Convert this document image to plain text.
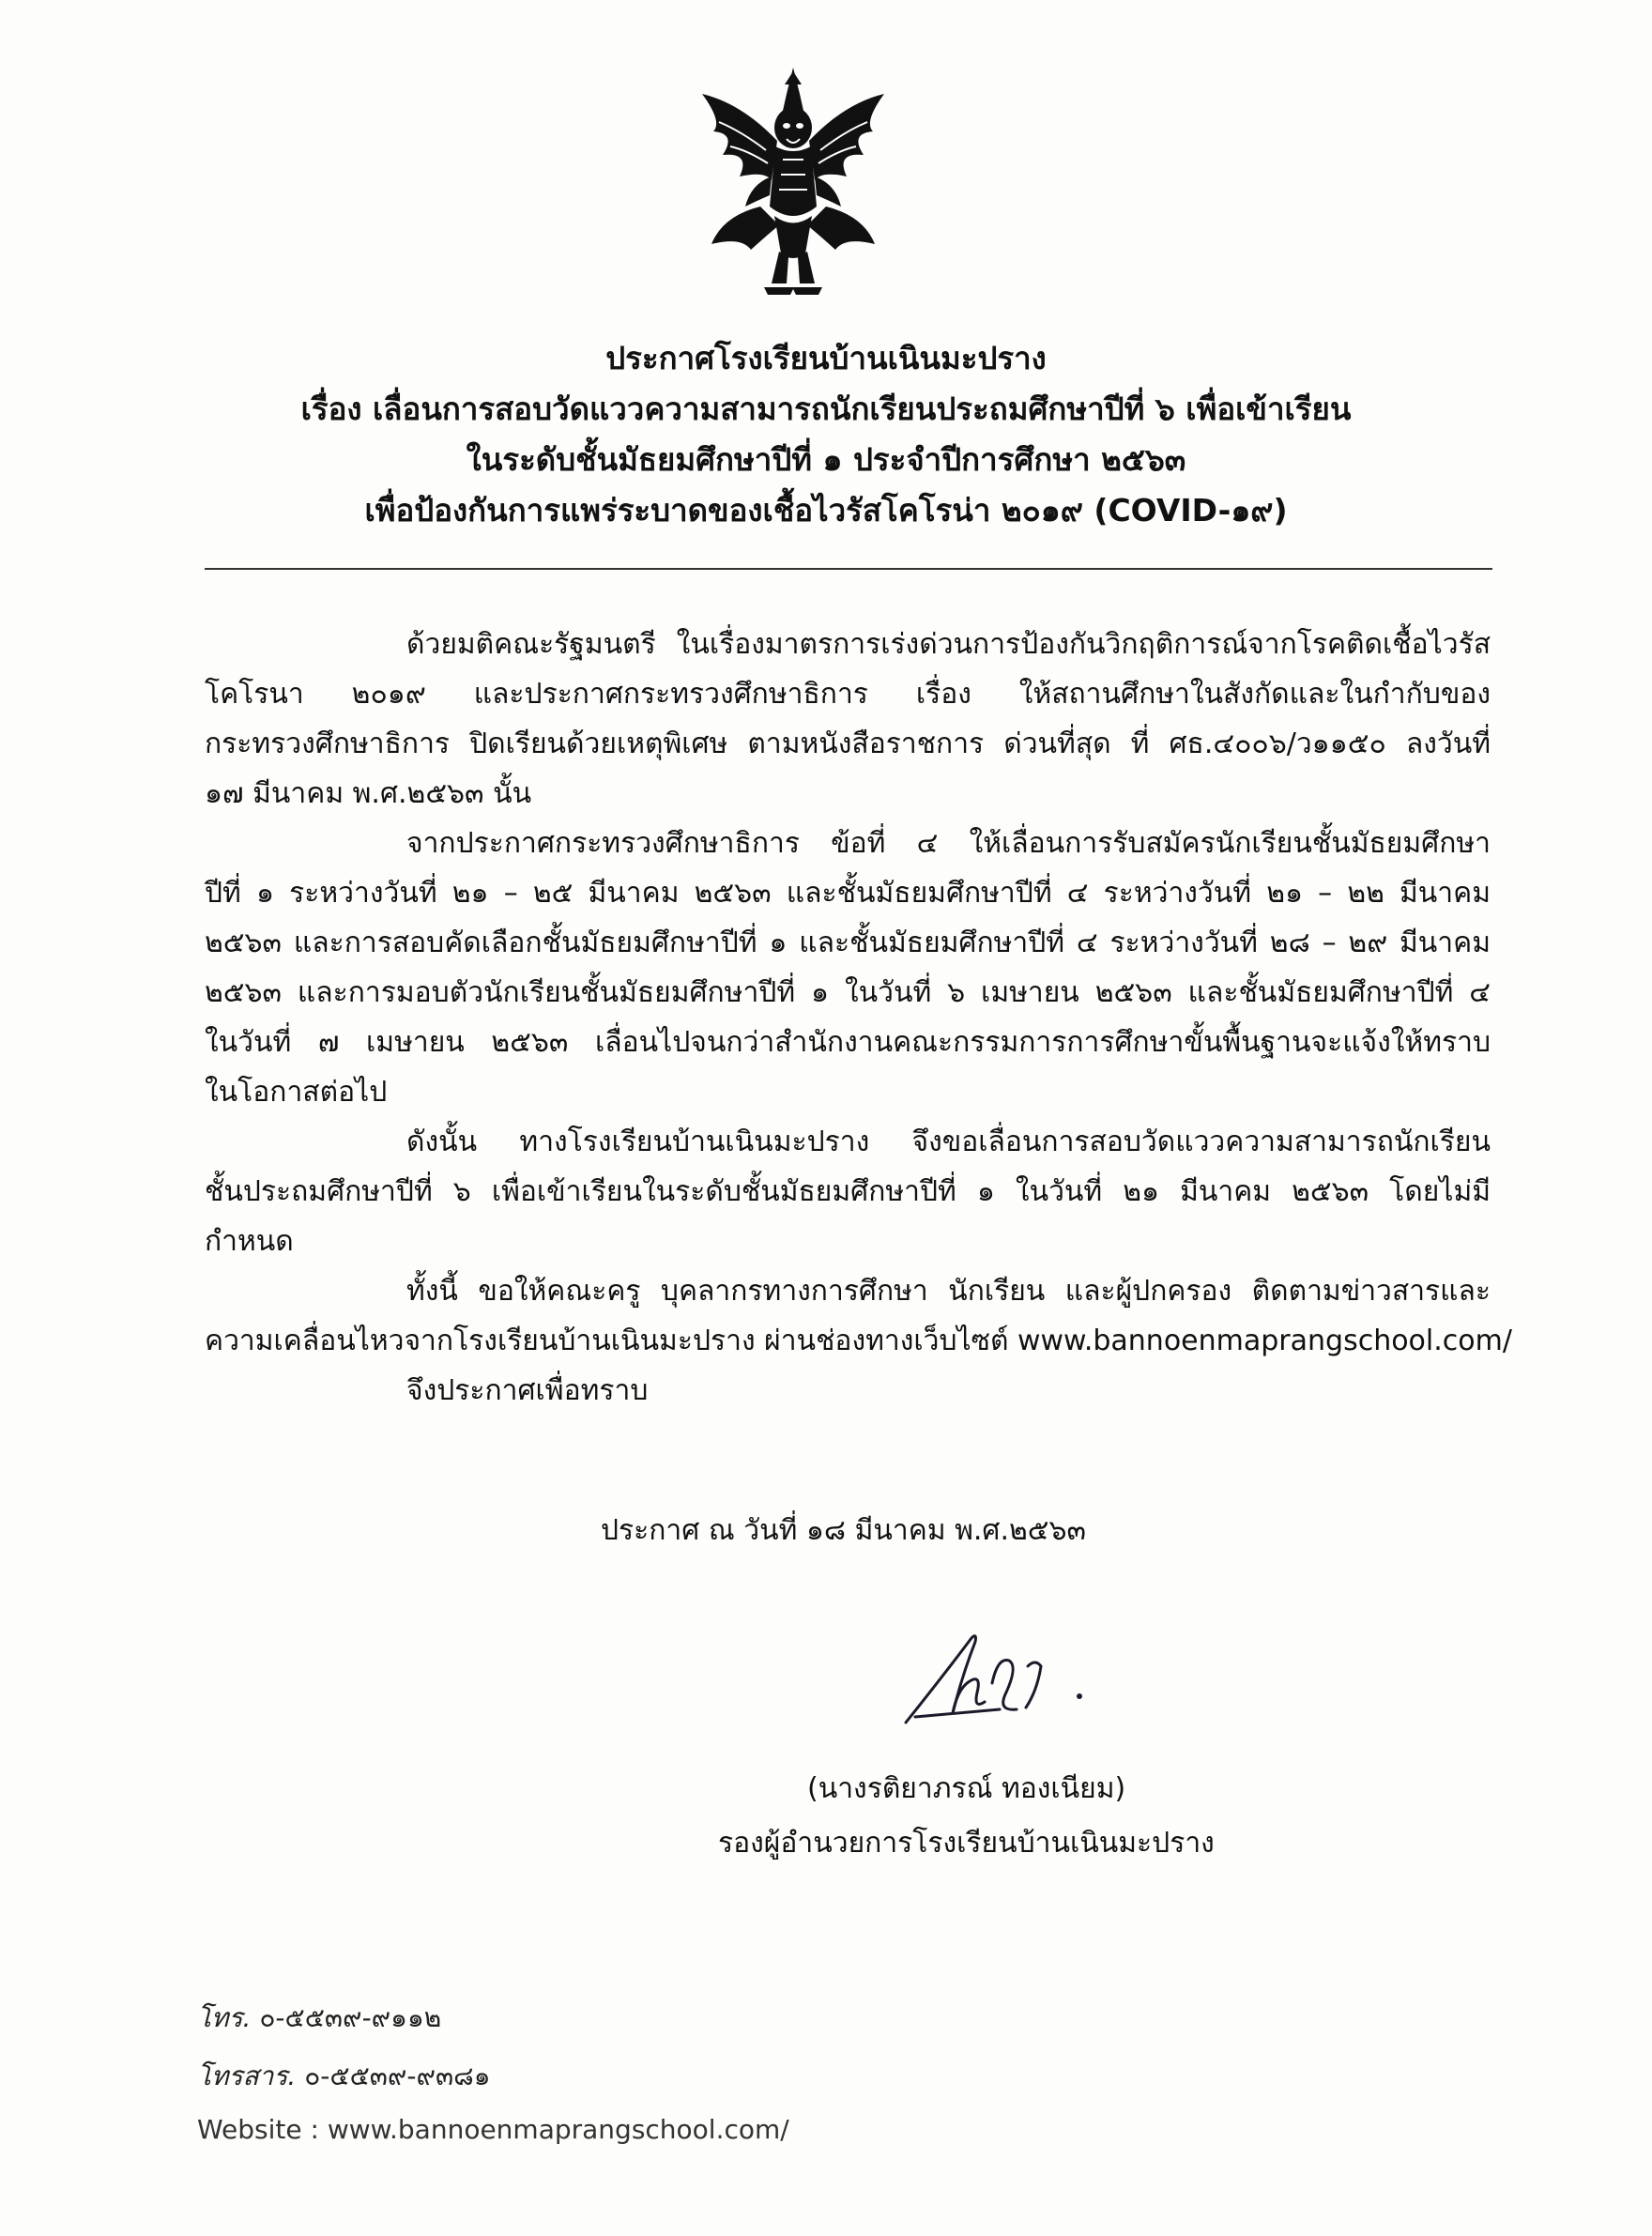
ประกาศโรงเรียนบ้านเนินมะปราง
เรื่อง เลื่อนการสอบวัดแววความสามารถนักเรียนประถมศึกษาปีที่ ๖ เพื่อเข้าเรียน
ในระดับชั้นมัธยมศึกษาปีที่ ๑ ประจำปีการศึกษา ๒๕๖๓
เพื่อป้องกันการแพร่ระบาดของเชื้อไวรัสโคโรน่า ๒๐๑๙ (COVID-๑๙)
ด้วยมติคณะรัฐมนตรี ในเรื่องมาตรการเร่งด่วนการป้องกันวิกฤติการณ์จากโรคติดเชื้อไวรัส
โคโรนา ๒๐๑๙ และประกาศกระทรวงศึกษาธิการ เรื่อง ให้สถานศึกษาในสังกัดและในกำกับของ
กระทรวงศึกษาธิการ ปิดเรียนด้วยเหตุพิเศษ ตามหนังสือราชการ ด่วนที่สุด ที่ ศธ.๔๐๐๖/ว๑๑๕๐ ลงวันที่
๑๗ มีนาคม พ.ศ.๒๕๖๓ นั้น
จากประกาศกระทรวงศึกษาธิการ ข้อที่ ๔ ให้เลื่อนการรับสมัครนักเรียนชั้นมัธยมศึกษา
ปีที่ ๑ ระหว่างวันที่ ๒๑ – ๒๕ มีนาคม ๒๕๖๓ และชั้นมัธยมศึกษาปีที่ ๔ ระหว่างวันที่ ๒๑ – ๒๒ มีนาคม
๒๕๖๓ และการสอบคัดเลือกชั้นมัธยมศึกษาปีที่ ๑ และชั้นมัธยมศึกษาปีที่ ๔ ระหว่างวันที่ ๒๘ – ๒๙ มีนาคม
๒๕๖๓ และการมอบตัวนักเรียนชั้นมัธยมศึกษาปีที่ ๑ ในวันที่ ๖ เมษายน ๒๕๖๓ และชั้นมัธยมศึกษาปีที่ ๔
ในวันที่ ๗ เมษายน ๒๕๖๓ เลื่อนไปจนกว่าสำนักงานคณะกรรมการการศึกษาขั้นพื้นฐานจะแจ้งให้ทราบ
ในโอกาสต่อไป
ดังนั้น ทางโรงเรียนบ้านเนินมะปราง จึงขอเลื่อนการสอบวัดแววความสามารถนักเรียน
ชั้นประถมศึกษาปีที่ ๖ เพื่อเข้าเรียนในระดับชั้นมัธยมศึกษาปีที่ ๑ ในวันที่ ๒๑ มีนาคม ๒๕๖๓ โดยไม่มี
กำหนด
ทั้งนี้ ขอให้คณะครู บุคลากรทางการศึกษา นักเรียน และผู้ปกครอง ติดตามข่าวสารและ
ความเคลื่อนไหวจากโรงเรียนบ้านเนินมะปราง ผ่านช่องทางเว็บไซต์ www.bannoenmaprangschool.com/
จึงประกาศเพื่อทราบ
ประกาศ ณ วันที่ ๑๘ มีนาคม พ.ศ.๒๕๖๓
(นางรติยาภรณ์ ทองเนียม)
รองผู้อำนวยการโรงเรียนบ้านเนินมะปราง
โทร. ๐-๕๕๓๙-๙๑๑๒
โทรสาร. ๐-๕๕๓๙-๙๓๘๑
Website : www.bannoenmaprangschool.com/
